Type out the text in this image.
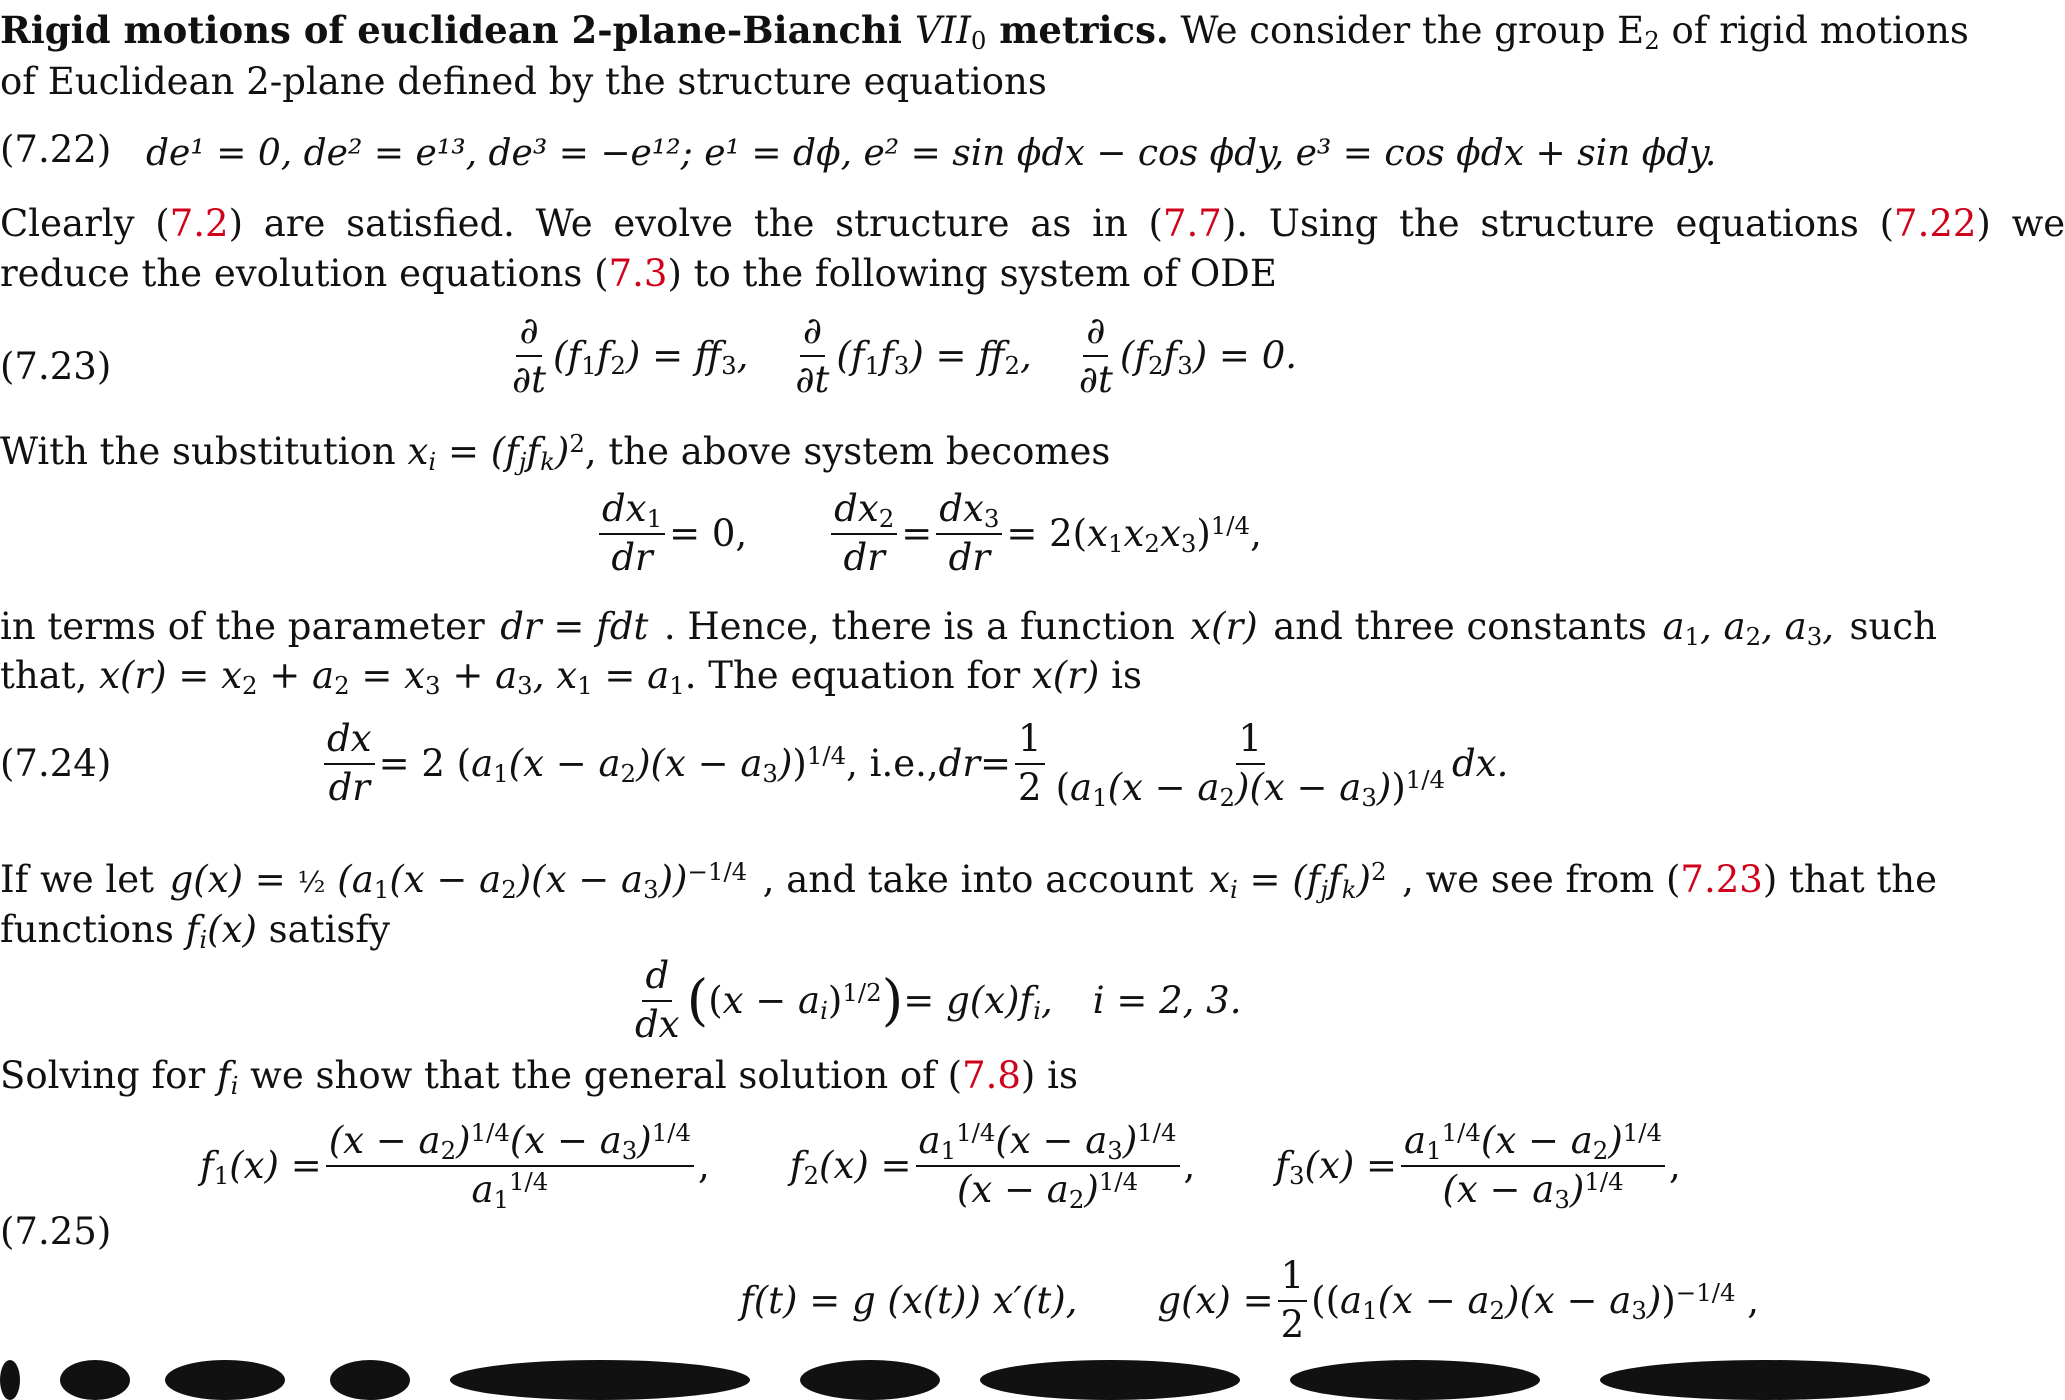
Rigid motions of euclidean 2-plane-Bianchi $VII_0$ metrics. We consider the group $E_2$ of rigid motions
of Euclidean 2-plane defined by the structure equations
(7.22) de¹ = 0, de² = e¹³, de³ = −e¹²; e¹ = dϕ, e² = sin ϕdx − cos ϕdy, e³ = cos ϕdx + sin ϕdy.
Clearly (7.2) are satisfied. We evolve the structure as in (7.7). Using the structure equations (7.22) we
reduce the evolution equations (7.3) to the following system of ODE
(7.23)	$\frac{\partial}{\partial t} (f_1f_2) = ff_3$, $\frac{\partial}{\partial t} (f_1f_3) = ff_2$, $\frac{\partial}{\partial t} (f_2f_3) = 0$.
With the substitution $x_i = (f_jf_k)^2$, the above system becomes
$\frac{dx_1}{dr} = 0$, $\frac{dx_2}{dr} = \frac{dx_3}{dr} = 2(x_1x_2x_3)^{1/4}$,
in terms of the parameter dr = fdt . Hence, there is a function x(r) and three constants $a_1$, $a_2$, $a_3$, such
that, $x(r) = x_2 + a_2 = x_3 + a_3$, $x_1 = a_1$. The equation for x(r) is
(7.24)	$\frac{dx}{dr} = 2$ $(a_1(x - a_2)(x - a_3))^{1/4}$ , i.e., dr = $\frac{1}{2} \frac{1}{(a_1(x - a_2)(x - a_3))^{1/4}}$ dx.
If we let g(x) = ½ $(a_1(x - a_2)(x - a_3))^{-1/4}$ , and take into account $x_i = (f_jf_k)^2$ , we see from (7.23) that the
functions $f_i(x)$ satisfy
$\frac{d}{dx}$ ( $(x - a_i)^{1/2}$ ) = $g(x)f_i$, i = 2, 3.
Solving for $f_i$ we show that the general solution of (7.8) is
(7.25)
$f_1(x) = \frac{(x - a_2)^{1/4}(x - a_3)^{1/4}}{a_1^{1/4}}$ , $f_2(x) = \frac{a_1^{1/4}(x - a_3)^{1/4}}{(x - a_2)^{1/4}}$ , $f_3(x) = \frac{a_1^{1/4}(x - a_2)^{1/4}}{(x - a_3)^{1/4}}$ ,
f(t) = g (x(t)) x′(t), $g(x) = \frac{1}{2} ((a_1(x - a_2)(x - a_3))^{-1/4}$ ,
